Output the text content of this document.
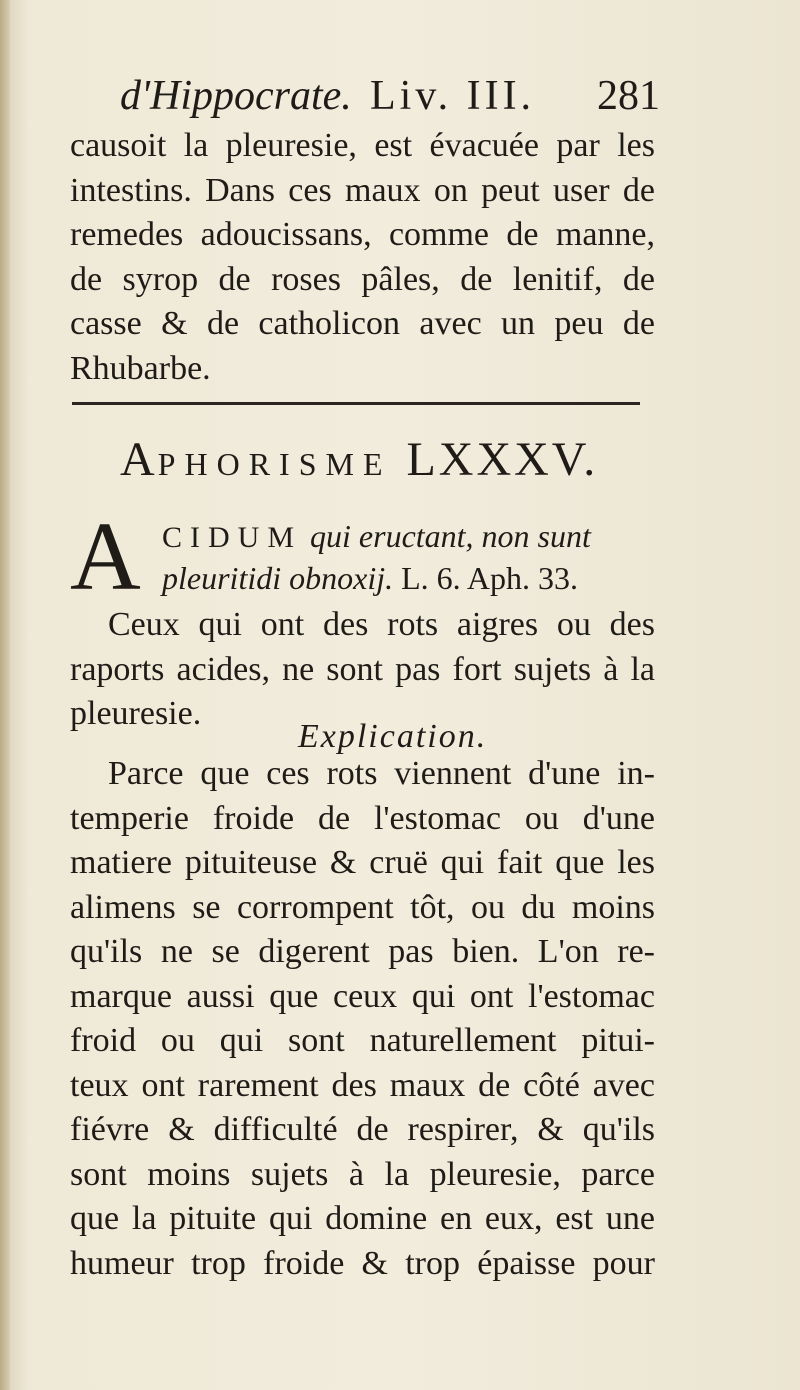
d'Hippocrate. Liv. III. 281
causoit la pleuresie, est évacuée par les
intestins. Dans ces maux on peut user de
remedes adoucissans, comme de manne,
de syrop de roses pâles, de lenitif, de
casse & de catholicon avec un peu de
Rhubarbe.
APHORISME LXXXV.
A CIDUM qui eructant, non sunt
pleuritidi obnoxij. L. 6. Aph. 33.
Ceux qui ont des rots aigres ou des
raports acides, ne sont pas fort sujets à la
pleuresie.
Explication.
Parce que ces rots viennent d'une in-
temperie froide de l'estomac ou d'une
matiere pituiteuse & cruë qui fait que les
alimens se corrompent tôt, ou du moins
qu'ils ne se digerent pas bien. L'on re-
marque aussi que ceux qui ont l'estomac
froid ou qui sont naturellement pitui-
teux ont rarement des maux de côté avec
fiévre & difficulté de respirer, & qu'ils
sont moins sujets à la pleuresie, parce
que la pituite qui domine en eux, est une
humeur trop froide & trop épaisse pour
